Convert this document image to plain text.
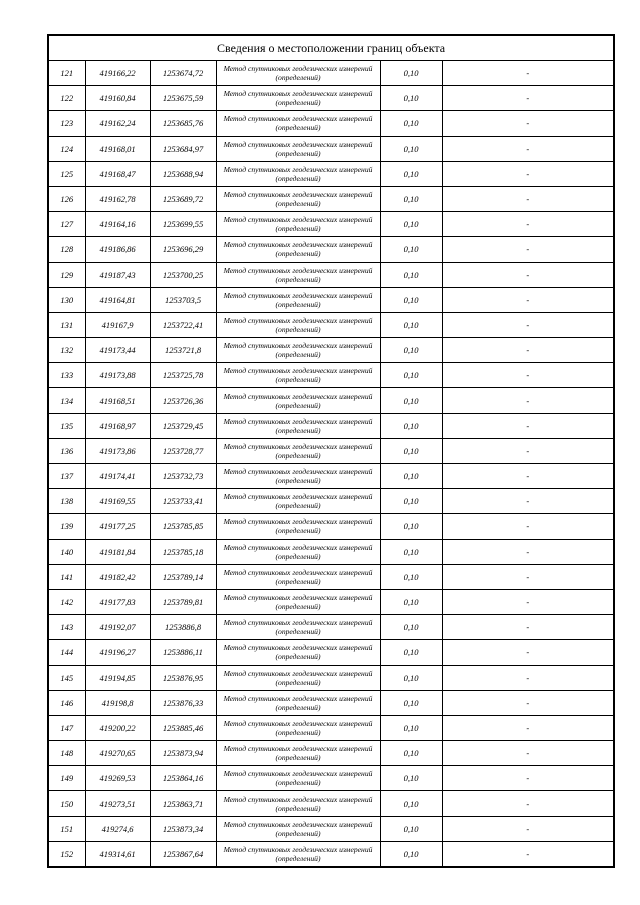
Сведения о местоположении границ объекта					
121	419166,22	1253674,72	Метод спутниковых геодезических измерений (определений)	0,10	-
122	419160,84	1253675,59	Метод спутниковых геодезических измерений (определений)	0,10	-
123	419162,24	1253685,76	Метод спутниковых геодезических измерений (определений)	0,10	-
124	419168,01	1253684,97	Метод спутниковых геодезических измерений (определений)	0,10	-
125	419168,47	1253688,94	Метод спутниковых геодезических измерений (определений)	0,10	-
126	419162,78	1253689,72	Метод спутниковых геодезических измерений (определений)	0,10	-
127	419164,16	1253699,55	Метод спутниковых геодезических измерений (определений)	0,10	-
128	419186,86	1253696,29	Метод спутниковых геодезических измерений (определений)	0,10	-
129	419187,43	1253700,25	Метод спутниковых геодезических измерений (определений)	0,10	-
130	419164,81	1253703,5	Метод спутниковых геодезических измерений (определений)	0,10	-
131	419167,9	1253722,41	Метод спутниковых геодезических измерений (определений)	0,10	-
132	419173,44	1253721,8	Метод спутниковых геодезических измерений (определений)	0,10	-
133	419173,88	1253725,78	Метод спутниковых геодезических измерений (определений)	0,10	-
134	419168,51	1253726,36	Метод спутниковых геодезических измерений (определений)	0,10	-
135	419168,97	1253729,45	Метод спутниковых геодезических измерений (определений)	0,10	-
136	419173,86	1253728,77	Метод спутниковых геодезических измерений (определений)	0,10	-
137	419174,41	1253732,73	Метод спутниковых геодезических измерений (определений)	0,10	-
138	419169,55	1253733,41	Метод спутниковых геодезических измерений (определений)	0,10	-
139	419177,25	1253785,85	Метод спутниковых геодезических измерений (определений)	0,10	-
140	419181,84	1253785,18	Метод спутниковых геодезических измерений (определений)	0,10	-
141	419182,42	1253789,14	Метод спутниковых геодезических измерений (определений)	0,10	-
142	419177,83	1253789,81	Метод спутниковых геодезических измерений (определений)	0,10	-
143	419192,07	1253886,8	Метод спутниковых геодезических измерений (определений)	0,10	-
144	419196,27	1253886,11	Метод спутниковых геодезических измерений (определений)	0,10	-
145	419194,85	1253876,95	Метод спутниковых геодезических измерений (определений)	0,10	-
146	419198,8	1253876,33	Метод спутниковых геодезических измерений (определений)	0,10	-
147	419200,22	1253885,46	Метод спутниковых геодезических измерений (определений)	0,10	-
148	419270,65	1253873,94	Метод спутниковых геодезических измерений (определений)	0,10	-
149	419269,53	1253864,16	Метод спутниковых геодезических измерений (определений)	0,10	-
150	419273,51	1253863,71	Метод спутниковых геодезических измерений (определений)	0,10	-
151	419274,6	1253873,34	Метод спутниковых геодезических измерений (определений)	0,10	-
152	419314,61	1253867,64	Метод спутниковых геодезических измерений (определений)	0,10	-
